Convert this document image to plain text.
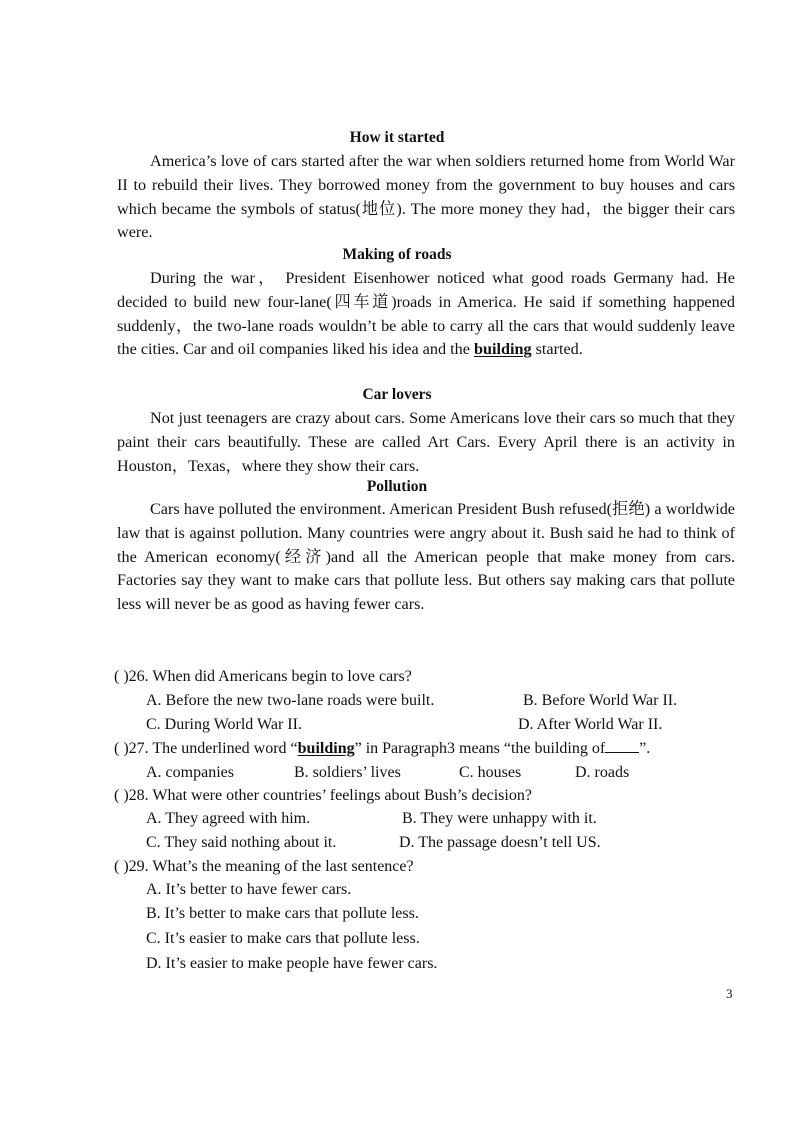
How it started

America’s love of cars started after the war when soldiers returned home from World War II to rebuild their lives. They borrowed money from the government to buy houses and cars which became the symbols of status(地位). The more money they had，the bigger their cars were.

Making of roads

During the war， President Eisenhower noticed what good roads Germany had. He decided to build new four-lane(四车道)roads in America. He said if something happened suddenly，the two-lane roads wouldn’t be able to carry all the cars that would suddenly leave the cities. Car and oil companies liked his idea and the building started.

Car lovers

Not just teenagers are crazy about cars. Some Americans love their cars so much that they paint their cars beautifully. These are called Art Cars. Every April there is an activity in Houston，Texas，where they show their cars.

Pollution

Cars have polluted the environment. American President Bush refused(拒绝) a worldwide law that is against pollution. Many countries were angry about it. Bush said he had to think of the American economy(经济)and all the American people that make money from cars. Factories say they want to make cars that pollute less. But others say making cars that pollute less will never be as good as having fewer cars.

( )26. When did Americans begin to love cars?
A. Before the new two-lane roads were built.	B. Before World War II.
C. During World War II.	D. After World War II.
( )27. The underlined word “building” in Paragraph3 means “the building of ”.
A. companies	B. soldiers’ lives	C. houses	D. roads
( )28. What were other countries’ feelings about Bush’s decision?
A. They agreed with him.	B. They were unhappy with it.
C. They said nothing about it.	D. The passage doesn’t tell US.
( )29. What’s the meaning of the last sentence?
A. It’s better to have fewer cars.
B. It’s better to make cars that pollute less.
C. It’s easier to make cars that pollute less.
D. It’s easier to make people have fewer cars.
3
